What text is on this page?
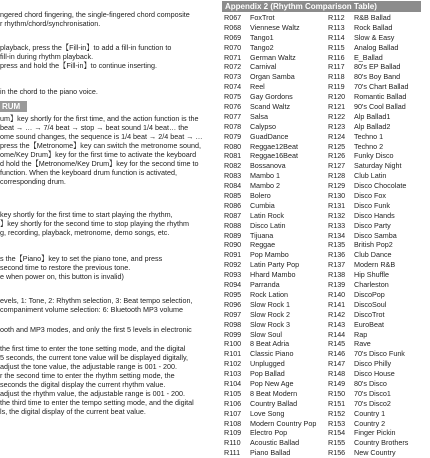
ngered chord fingering, the single-fingered chord composite
r rhythm/chord/synchronisation.
playback, press the【Fill-in】to add a fill-in function to
fill-in during rhythm playback.
press and hold the【Fill-in】to continue inserting.
in the chord to the piano voice.
RUM
um】key shortly for the first time, and the action function is the
beat → … → 7/4 beat → stop → beat sound 1/4 beat… the
ome sound changes, the sequence is 1/4 beat → 2/4 beat → …
press the【Metronome】key can switch the metronome sound,
ome/Key Drum】key for the first time to activate the keyboard
d hold the【Metronome/Key Drum】key for the second time to
function. When the keyboard drum function is activated,
corresponding drum.
key shortly for the first time to start playing the rhythm,
】key shortly for the second time to stop playing the rhythm
g, recording, playback, metronome, demo songs, etc.
s the【Piano】key to set the piano tone, and press
second time to restore the previous tone.
e when power on, this button is invalid)
evels, 1: Tone, 2: Rhythm selection, 3: Beat tempo selection,
companiment volume selection: 6: Bluetooth MP3 volume
ooth and MP3 modes, and only the first 5 levels in electronic
the first time to enter the tone setting mode, and the digital
5 seconds, the current tone value will be displayed digitally,
adjust the tone value, the adjustable range is 001 - 200.
r the second time to enter the rhythm setting mode, the
seconds the digital display the current rhythm value.
adjust the rhythm value, the adjustable range is 001 - 200.
the third time to enter the tempo setting mode, and the digital
ls, the digital display of the current beat value.
Appendix 2 (Rhythm Comparison Table)
R067 FoxTrot
R068 Viennese Waltz
R069 Tango1
R070 Tango2
R071 German Waltz
R072 Carnival
R073 Organ Samba
R074 Reel
R075 Gay Gordons
R076 Scand Waltz
R077 Salsa
R078 Calypso
R079 GuadDance
R080 Reggae12Beat
R081 Reggae16Beat
R082 Bossanova
R083 Mambo 1
R084 Mambo 2
R085 Bolero
R086 Cumbia
R087 Latin Rock
R088 Disco Latin
R089 Tijuana
R090 Reggae
R091 Pop Mambo
R092 Latin Party Pop
R093 Hhard Mambo
R094 Parranda
R095 Rock Lation
R096 Slow Rock 1
R097 Slow Rock 2
R098 Slow Rock 3
R099 Slow Soul
R100 8 Beat Adria
R101 Classic Piano
R102 Unplugged
R103 Pop Ballad
R104 Pop New Age
R105 8 Beat Modern
R106 Country Ballad
R107 Love Song
R108 Modern Country Pop
R109 Electro Pop
R110 Acoustic Ballad
R111 Piano Ballad
R112 R&B Ballad
R113 Rock Ballad
R114 Slow & Easy
R115 Analog Ballad
R116 E_Ballad
R117 80's EP Ballad
R118 80's Boy Band
R119 70's Chart Ballad
R120 Romantic Ballad
R121 90's Cool Ballad
R122 Alp Ballad1
R123 Alp Ballad2
R124 Techno 1
R125 Techno 2
R126 Funky Disco
R127 Saturday Night
R128 Club Latin
R129 Disco Chocolate
R130 Disco Fox
R131 Disco Funk
R132 Disco Hands
R133 Disco Party
R134 Disco Samba
R135 British Pop2
R136 Club Dance
R137 Modern R&B
R138 Hip Shuffle
R139 Charleston
R140 DiscoPop
R141 DiscoSoul
R142 DiscoTrot
R143 EuroBeat
R144 Rap
R145 Rave
R146 70's Disco Funk
R147 Disco Philly
R148 Disco House
R149 80's Disco
R150 70's Disco1
R151 70's Disco2
R152 Country 1
R153 Country 2
R154 Finger Pickin
R155 Country Brothers
R156 New Country
